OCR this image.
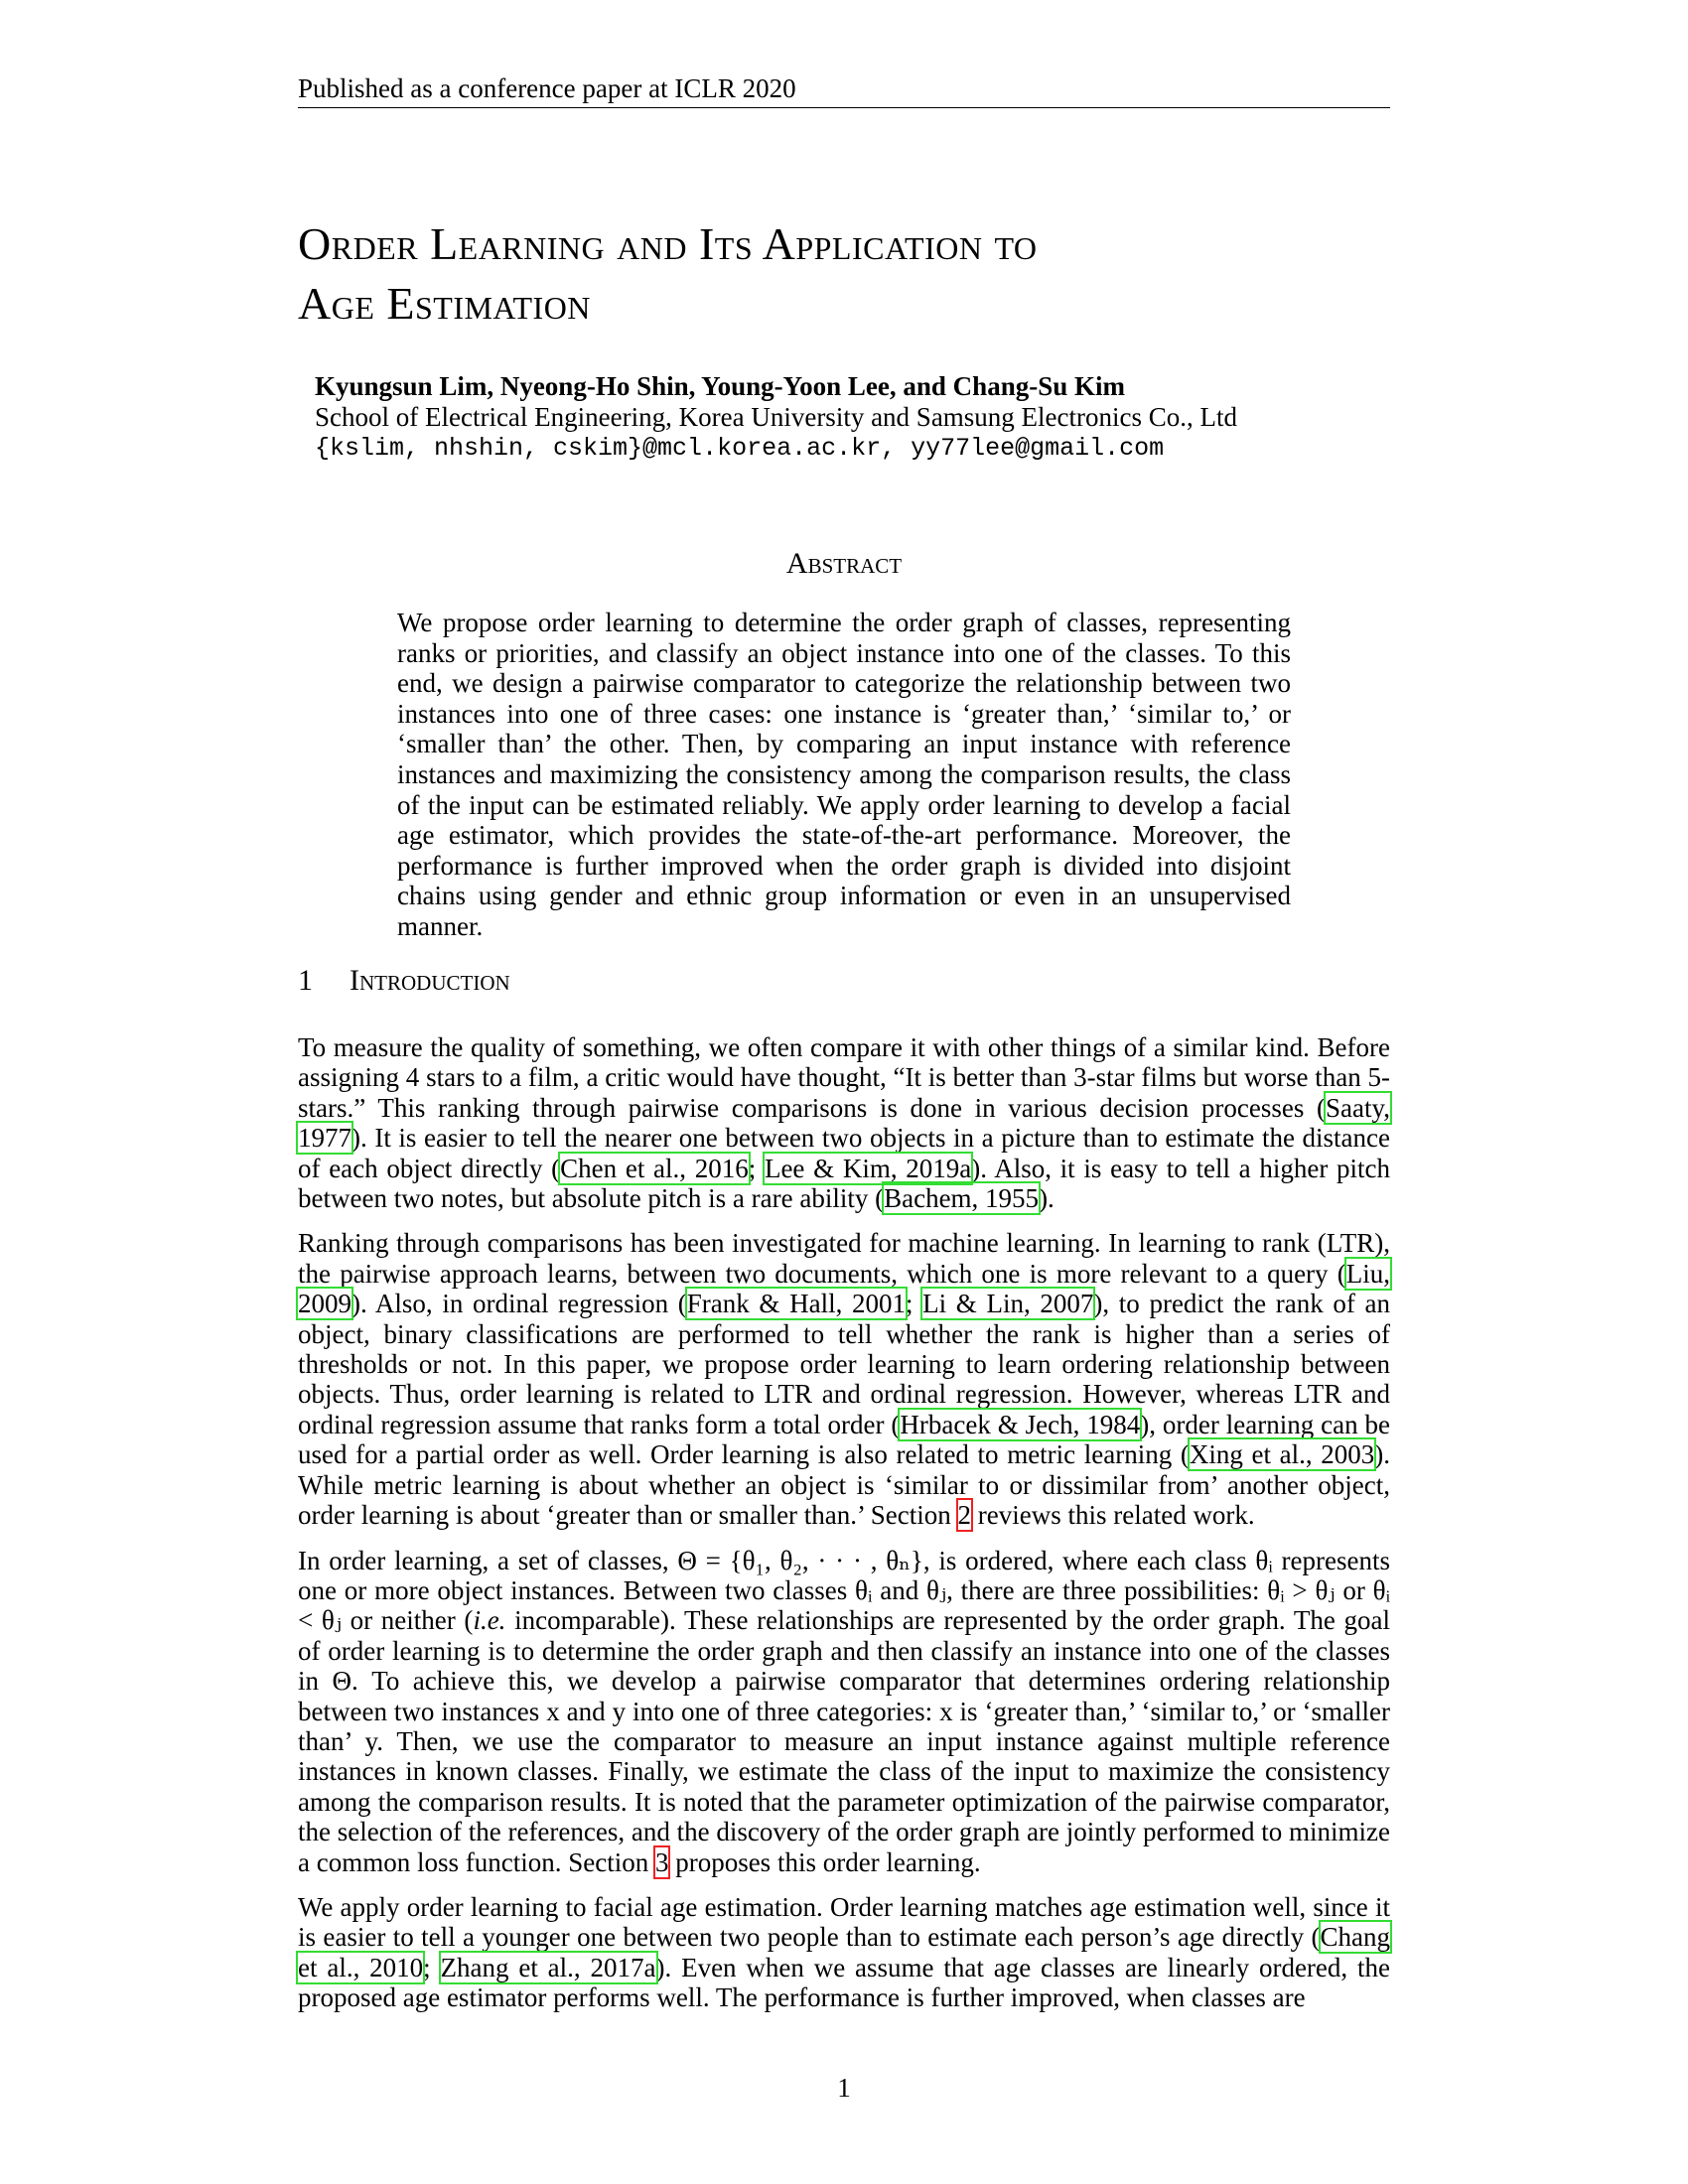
Published as a conference paper at ICLR 2020
Order Learning and Its Application to
Age Estimation
Kyungsun Lim, Nyeong-Ho Shin, Young-Yoon Lee, and Chang-Su Kim
School of Electrical Engineering, Korea University and Samsung Electronics Co., Ltd
{kslim, nhshin, cskim}@mcl.korea.ac.kr, yy77lee@gmail.com
Abstract
We propose order learning to determine the order graph of classes, representing ranks or priorities, and classify an object instance into one of the classes. To this end, we design a pairwise comparator to categorize the relationship between two instances into one of three cases: one instance is ‘greater than,’ ‘similar to,’ or ‘smaller than’ the other. Then, by comparing an input instance with reference instances and maximizing the consistency among the comparison results, the class of the input can be estimated reliably. We apply order learning to develop a facial age estimator, which provides the state-of-the-art performance. Moreover, the performance is further improved when the order graph is divided into disjoint chains using gender and ethnic group information or even in an unsupervised manner.
1 Introduction

To measure the quality of something, we often compare it with other things of a similar kind. Before assigning 4 stars to a film, a critic would have thought, “It is better than 3-star films but worse than 5-stars.” This ranking through pairwise comparisons is done in various decision processes (Saaty, 1977). It is easier to tell the nearer one between two objects in a picture than to estimate the distance of each object directly (Chen et al., 2016; Lee & Kim, 2019a). Also, it is easy to tell a higher pitch between two notes, but absolute pitch is a rare ability (Bachem, 1955).

Ranking through comparisons has been investigated for machine learning. In learning to rank (LTR), the pairwise approach learns, between two documents, which one is more relevant to a query (Liu, 2009). Also, in ordinal regression (Frank & Hall, 2001; Li & Lin, 2007), to predict the rank of an object, binary classifications are performed to tell whether the rank is higher than a series of thresholds or not. In this paper, we propose order learning to learn ordering relationship between objects. Thus, order learning is related to LTR and ordinal regression. However, whereas LTR and ordinal regression assume that ranks form a total order (Hrbacek & Jech, 1984), order learning can be used for a partial order as well. Order learning is also related to metric learning (Xing et al., 2003). While metric learning is about whether an object is ‘similar to or dissimilar from’ another object, order learning is about ‘greater than or smaller than.’ Section 2 reviews this related work.

In order learning, a set of classes, Θ = {θ₁, θ₂, · · · , θₙ}, is ordered, where each class θᵢ represents one or more object instances. Between two classes θᵢ and θⱼ, there are three possibilities: θᵢ > θⱼ or θᵢ < θⱼ or neither (i.e. incomparable). These relationships are represented by the order graph. The goal of order learning is to determine the order graph and then classify an instance into one of the classes in Θ. To achieve this, we develop a pairwise comparator that determines ordering relationship between two instances x and y into one of three categories: x is ‘greater than,’ ‘similar to,’ or ‘smaller than’ y. Then, we use the comparator to measure an input instance against multiple reference instances in known classes. Finally, we estimate the class of the input to maximize the consistency among the comparison results. It is noted that the parameter optimization of the pairwise comparator, the selection of the references, and the discovery of the order graph are jointly performed to minimize a common loss function. Section 3 proposes this order learning.

We apply order learning to facial age estimation. Order learning matches age estimation well, since it is easier to tell a younger one between two people than to estimate each person’s age directly (Chang et al., 2010; Zhang et al., 2017a). Even when we assume that age classes are linearly ordered, the proposed age estimator performs well. The performance is further improved, when classes are

1
